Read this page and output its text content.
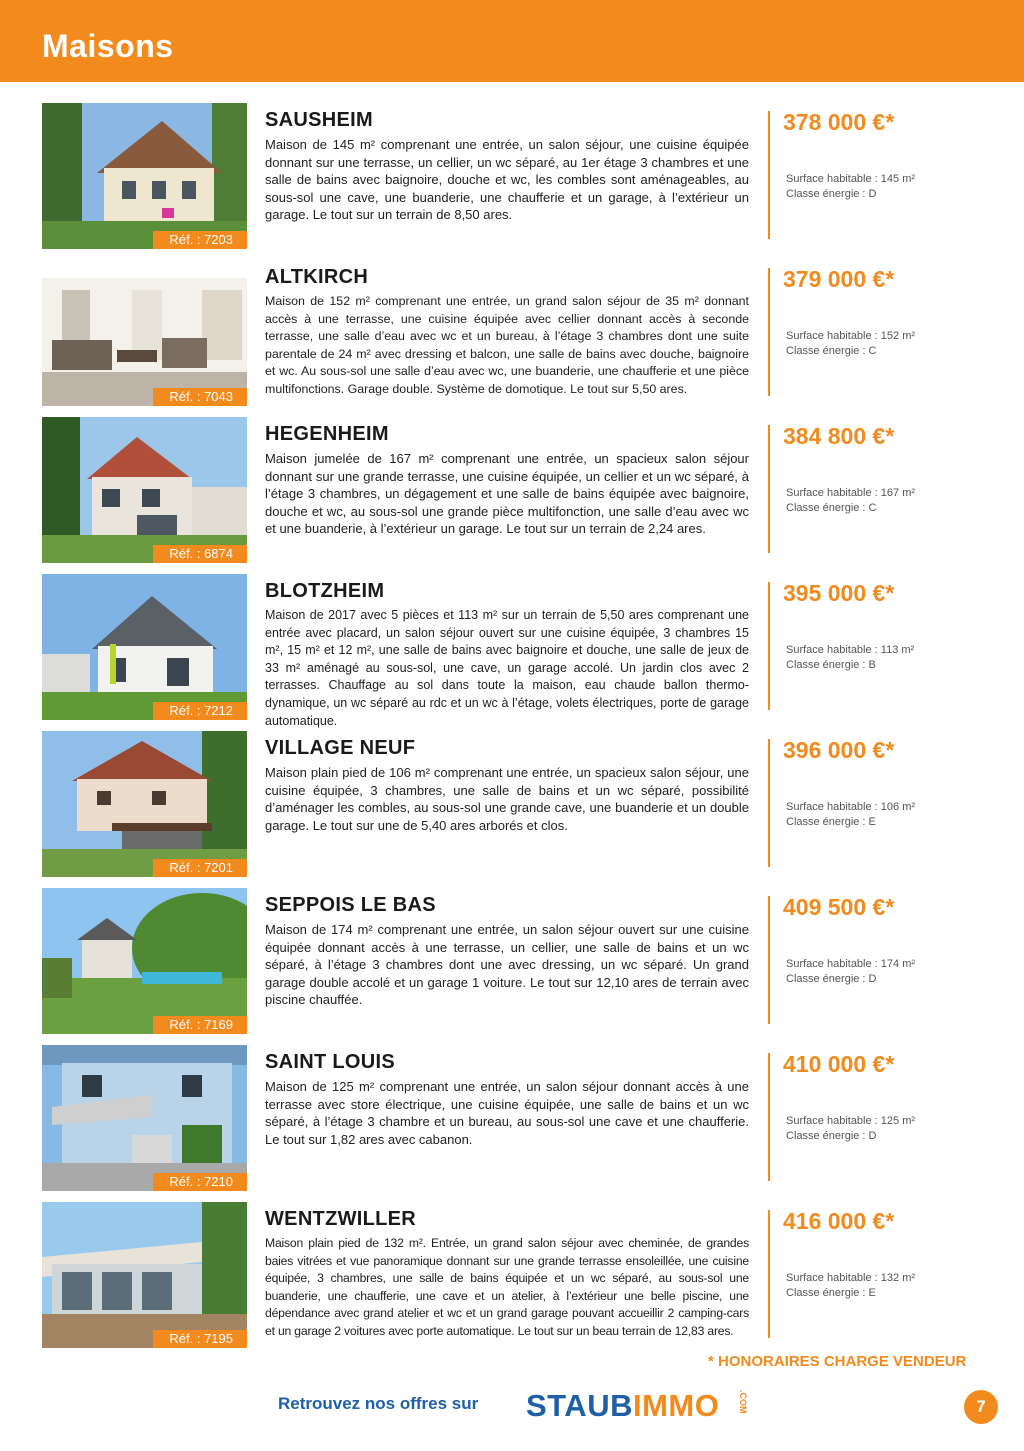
Maisons
Réf. : 7203
SAUSHEIM
Maison de 145 m² comprenant une entrée, un salon séjour, une cuisine équipée donnant sur une terrasse, un cellier, un wc séparé, au 1er étage 3 chambres et une salle de bains avec baignoire, douche et wc, les combles sont aménageables, au sous-sol une cave, une buanderie, une chaufferie et un garage, à l’extérieur un garage. Le tout sur un terrain de 8,50 ares.
378 000 €*
Surface habitable : 145 m²
Classe énergie : D
Réf. : 7043
ALTKIRCH
Maison de 152 m² comprenant une entrée, un grand salon séjour de 35 m² donnant accès à une terrasse, une cuisine équipée avec cellier donnant accès à seconde terrasse, une salle d’eau avec wc et un bureau, à l’étage 3 chambres dont une suite parentale de 24 m² avec dressing et balcon, une salle de bains avec douche, baignoire et wc. Au sous-sol une salle d’eau avec wc, une buanderie, une chaufferie et une pièce multifonctions. Garage double. Système de domotique. Le tout sur 5,50 ares.
379 000 €*
Surface habitable : 152 m²
Classe énergie : C
Réf. : 6874
HEGENHEIM
Maison jumelée de 167 m² comprenant une entrée, un spacieux salon séjour donnant sur une grande terrasse, une cuisine équipée, un cellier et un wc séparé, à l’étage 3 chambres, un dégagement et une salle de bains équipée avec baignoire, douche et wc, au sous-sol une grande pièce multifonction, une salle d’eau avec wc et une buanderie, à l’extérieur un garage. Le tout sur un terrain de 2,24 ares.
384 800 €*
Surface habitable : 167 m²
Classe énergie : C
Réf. : 7212
BLOTZHEIM
Maison de 2017 avec 5 pièces et 113 m² sur un terrain de 5,50 ares comprenant une entrée avec placard, un salon séjour ouvert sur une cuisine équipée, 3 chambres 15 m², 15 m² et 12 m², une salle de bains avec baignoire et douche, une salle de jeux de 33 m² aménagé au sous-sol, une cave, un garage accolé. Un jardin clos avec 2 terrasses. Chauffage au sol dans toute la maison, eau chaude ballon thermo-dynamique, un wc séparé au rdc et un wc à l’étage, volets électriques, porte de garage automatique.
395 000 €*
Surface habitable : 113 m²
Classe énergie : B
Réf. : 7201
VILLAGE NEUF
Maison plain pied de 106 m² comprenant une entrée, un spacieux salon séjour, une cuisine équipée, 3 chambres, une salle de bains et un wc séparé, possibilité d’aménager les combles, au sous-sol une grande cave, une buanderie et un double garage. Le tout sur une de 5,40 ares arborés et clos.
396 000 €*
Surface habitable : 106 m²
Classe énergie : E
Réf. : 7169
SEPPOIS LE BAS
Maison de 174 m² comprenant une entrée, un salon séjour ouvert sur une cuisine équipée donnant accès à une terrasse, un cellier, une salle de bains et un wc séparé, à l’étage 3 chambres dont une avec dressing, un wc séparé. Un grand garage double accolé et un garage 1 voiture. Le tout sur 12,10 ares de terrain avec piscine chauffée.
409 500 €*
Surface habitable : 174 m²
Classe énergie : D
Réf. : 7210
SAINT LOUIS
Maison de 125 m² comprenant une entrée, un salon séjour donnant accès à une terrasse avec store électrique, une cuisine équipée, une salle de bains et un wc séparé, à l’étage 3 chambre et un bureau, au sous-sol une cave et une chaufferie. Le tout sur 1,82 ares avec cabanon.
410 000 €*
Surface habitable : 125 m²
Classe énergie : D
Réf. : 7195
WENTZWILLER
Maison plain pied de 132 m². Entrée, un grand salon séjour avec cheminée, de grandes baies vitrées et vue panoramique donnant sur une grande terrasse ensoleillée, une cuisine équipée, 3 chambres, une salle de bains équipée et un wc séparé, au sous-sol une buanderie, une chaufferie, une cave et un atelier, à l’extérieur une belle piscine, une dépendance avec grand atelier et wc et un grand garage pouvant accueillir 2 camping-cars et un garage 2 voitures avec porte automatique. Le tout sur un beau terrain de 12,83 ares.
416 000 €*
Surface habitable : 132 m²
Classe énergie : E
* HONORAIRES CHARGE VENDEUR
Retrouvez nos offres sur STAUBIMMO .COM	7
